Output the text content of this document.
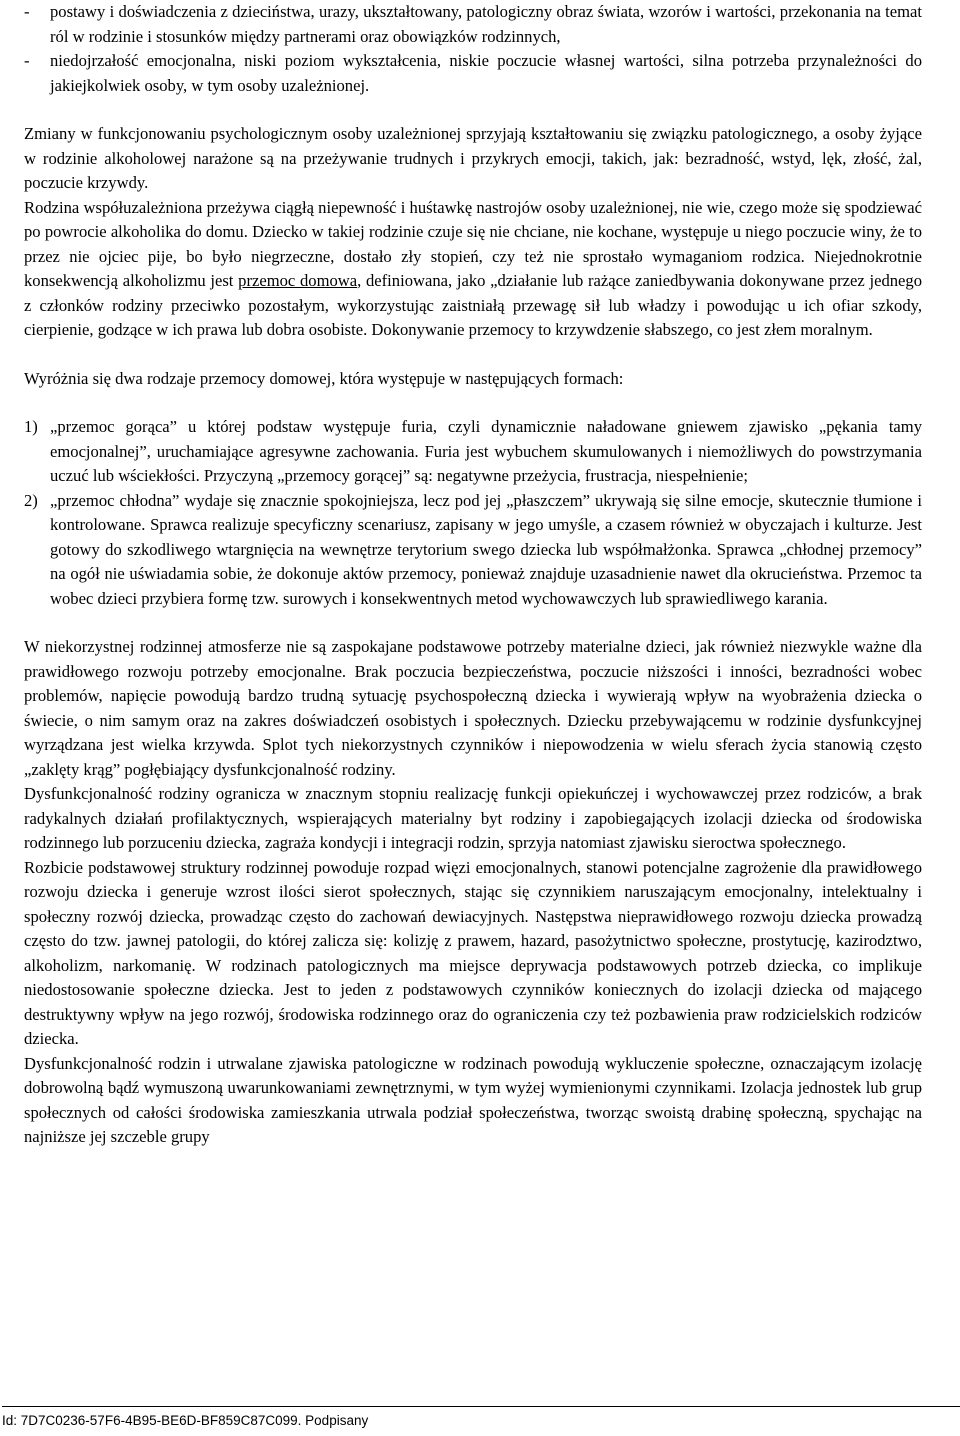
- postawy i doświadczenia z dzieciństwa, urazy, ukształtowany, patologiczny obraz świata, wzorów i wartości, przekonania na temat ról w rodzinie i stosunków między partnerami oraz obowiązków rodzinnych,
- niedojrzałość emocjonalna, niski poziom wykształcenia, niskie poczucie własnej wartości, silna potrzeba przynależności do jakiejkolwiek osoby, w tym osoby uzależnionej.

Zmiany w funkcjonowaniu psychologicznym osoby uzależnionej sprzyjają kształtowaniu się związku patologicznego, a osoby żyjące w rodzinie alkoholowej narażone są na przeżywanie trudnych i przykrych emocji, takich, jak: bezradność, wstyd, lęk, złość, żal, poczucie krzywdy.

Rodzina współuzależniona przeżywa ciągłą niepewność i huśtawkę nastrojów osoby uzależnionej, nie wie, czego może się spodziewać po powrocie alkoholika do domu. Dziecko w takiej rodzinie czuje się nie chciane, nie kochane, występuje u niego poczucie winy, że to przez nie ojciec pije, bo było niegrzeczne, dostało zły stopień, czy też nie sprostało wymaganiom rodzica. Niejednokrotnie konsekwencją alkoholizmu jest przemoc domowa, definiowana, jako „działanie lub rażące zaniedbywania dokonywane przez jednego z członków rodziny przeciwko pozostałym, wykorzystując zaistniałą przewagę sił lub władzy i powodując u ich ofiar szkody, cierpienie, godzące w ich prawa lub dobra osobiste. Dokonywanie przemocy to krzywdzenie słabszego, co jest złem moralnym.

Wyróżnia się dwa rodzaje przemocy domowej, która występuje w następujących formach:

1) „przemoc gorąca” u której podstaw występuje furia, czyli dynamicznie naładowane gniewem zjawisko „pękania tamy emocjonalnej”, uruchamiające agresywne zachowania. Furia jest wybuchem skumulowanych i niemożliwych do powstrzymania uczuć lub wściekłości. Przyczyną „przemocy gorącej” są: negatywne przeżycia, frustracja, niespełnienie;
2) „przemoc chłodna” wydaje się znacznie spokojniejsza, lecz pod jej „płaszczem” ukrywają się silne emocje, skutecznie tłumione i kontrolowane. Sprawca realizuje specyficzny scenariusz, zapisany w jego umyśle, a czasem również w obyczajach i kulturze. Jest gotowy do szkodliwego wtargnięcia na wewnętrze terytorium swego dziecka lub współmałżonka. Sprawca „chłodnej przemocy” na ogół nie uświadamia sobie, że dokonuje aktów przemocy, ponieważ znajduje uzasadnienie nawet dla okrucieństwa. Przemoc ta wobec dzieci przybiera formę tzw. surowych i konsekwentnych metod wychowawczych lub sprawiedliwego karania.

W niekorzystnej rodzinnej atmosferze nie są zaspokajane podstawowe potrzeby materialne dzieci, jak również niezwykle ważne dla prawidłowego rozwoju potrzeby emocjonalne. Brak poczucia bezpieczeństwa, poczucie niższości i inności, bezradności wobec problemów, napięcie powodują bardzo trudną sytuację psychospołeczną dziecka i wywierają wpływ na wyobrażenia dziecka o świecie, o nim samym oraz na zakres doświadczeń osobistych i społecznych. Dziecku przebywającemu w rodzinie dysfunkcyjnej wyrządzana jest wielka krzywda. Splot tych niekorzystnych czynników i niepowodzenia w wielu sferach życia stanowią często „zaklęty krąg” pogłębiający dysfunkcjonalność rodziny.

Dysfunkcjonalność rodziny ogranicza w znacznym stopniu realizację funkcji opiekuńczej i wychowawczej przez rodziców, a brak radykalnych działań profilaktycznych, wspierających materialny byt rodziny i zapobiegających izolacji dziecka od środowiska rodzinnego lub porzuceniu dziecka, zagraża kondycji i integracji rodzin, sprzyja natomiast zjawisku sieroctwa społecznego.

Rozbicie podstawowej struktury rodzinnej powoduje rozpad więzi emocjonalnych, stanowi potencjalne zagrożenie dla prawidłowego rozwoju dziecka i generuje wzrost ilości sierot społecznych, stając się czynnikiem naruszającym emocjonalny, intelektualny i społeczny rozwój dziecka, prowadząc często do zachowań dewiacyjnych. Następstwa nieprawidłowego rozwoju dziecka prowadzą często do tzw. jawnej patologii, do której zalicza się: kolizję z prawem, hazard, pasożytnictwo społeczne, prostytucję, kazirodztwo, alkoholizm, narkomanię. W rodzinach patologicznych ma miejsce deprywacja podstawowych potrzeb dziecka, co implikuje niedostosowanie społeczne dziecka. Jest to jeden z podstawowych czynników koniecznych do izolacji dziecka od mającego destruktywny wpływ na jego rozwój, środowiska rodzinnego oraz do ograniczenia czy też pozbawienia praw rodzicielskich rodziców dziecka.

Dysfunkcjonalność rodzin i utrwalane zjawiska patologiczne w rodzinach powodują wykluczenie społeczne, oznaczającym izolację dobrowolną bądź wymuszoną uwarunkowaniami zewnętrznymi, w tym wyżej wymienionymi czynnikami. Izolacja jednostek lub grup społecznych od całości środowiska zamieszkania utrwala podział społeczeństwa, tworząc swoistą drabinę społeczną, spychając na najniższe jej szczeble grupy

Id: 7D7C0236-57F6-4B95-BE6D-BF859C87C099. Podpisany
